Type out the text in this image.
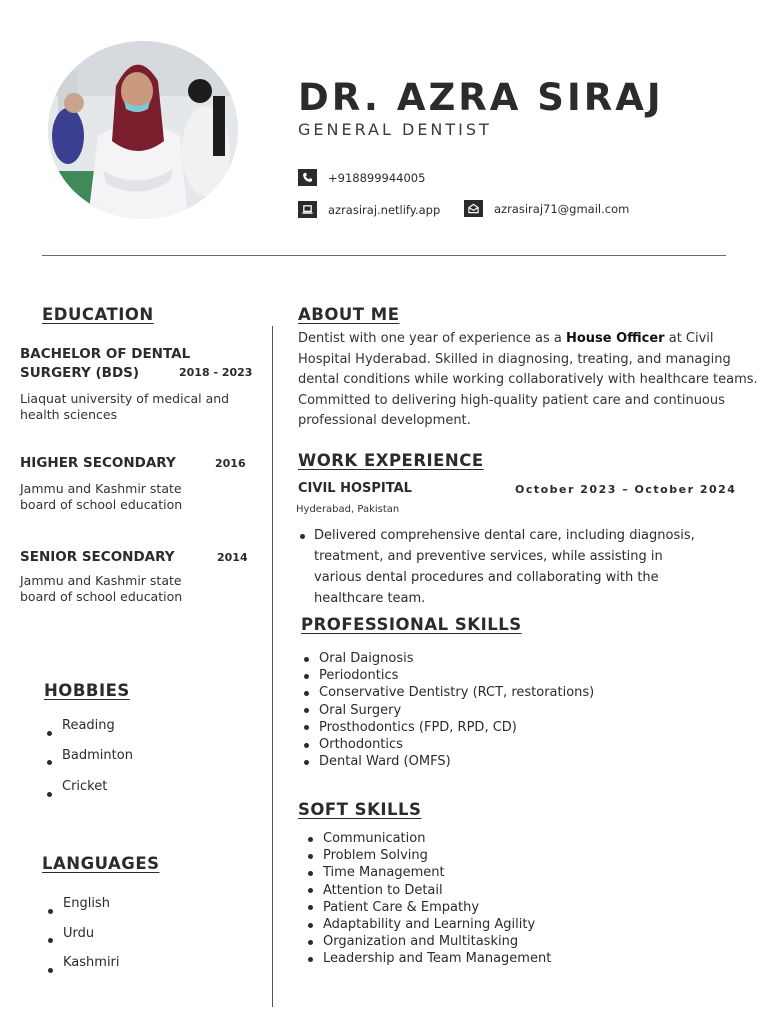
DR. AZRA SIRAJ
GENERAL DENTIST
+918899944005
azrasiraj.netlify.app	azrasiraj71@gmail.com
EDUCATION
BACHELOR OF DENTAL SURGERY (BDS)
Liaquat university of medical and health sciences
2018 - 2023
HIGHER SECONDARY
Jammu and Kashmir state board of school education
2016
SENIOR SECONDARY
Jammu and Kashmir state board of school education
2014
HOBBIES
Reading
Badminton
Cricket
LANGUAGES
English
Urdu
Kashmiri
ABOUT ME
Dentist with one year of experience as a House Officer at Civil Hospital Hyderabad. Skilled in diagnosing, treating, and managing dental conditions while working collaboratively with healthcare teams. Committed to delivering high-quality patient care and continuous professional development.
WORK EXPERIENCE
CIVIL HOSPITAL	October 2023 – October 2024
Hyderabad, Pakistan
Delivered comprehensive dental care, including diagnosis, treatment, and preventive services, while assisting in various dental procedures and collaborating with the healthcare team.
PROFESSIONAL SKILLS
Oral Daignosis
Periodontics
Conservative Dentistry (RCT, restorations)
Oral Surgery
Prosthodontics (FPD, RPD, CD)
Orthodontics
Dental Ward (OMFS)
SOFT SKILLS
Communication
Problem Solving
Time Management
Attention to Detail
Patient Care & Empathy
Adaptability and Learning Agility
Organization and Multitasking
Leadership and Team Management
